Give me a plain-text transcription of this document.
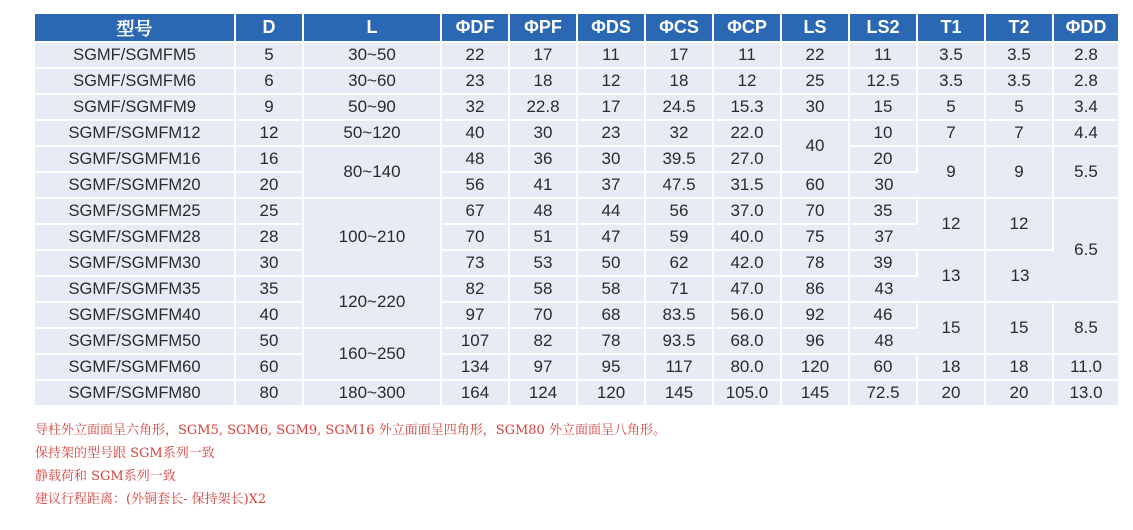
型号	D	L	ΦDF	ΦPF	ΦDS	ΦCS	ΦCP	LS	LS2	T1	T2	ΦDD
SGMF/SGMFM5	5	30~50	22	17	11	17	11	22	11	3.5	3.5	2.8
SGMF/SGMFM6	6	30~60	23	18	12	18	12	25	12.5	3.5	3.5	2.8
SGMF/SGMFM9	9	50~90	32	22.8	17	24.5	15.3	30	15	5	5	3.4
SGMF/SGMFM12	12	50~120	40	30	23	32	22.0	40	10	7	7	4.4
SGMF/SGMFM16	16	80~140	48	36	30	39.5	27.0		20	9	9	5.5
SGMF/SGMFM20	20		56	41	37	47.5	31.5	60	30			
SGMF/SGMFM25	25	100~210	67	48	44	56	37.0	70	35	12	12	6.5
SGMF/SGMFM28	28		70	51	47	59	40.0	75	37			
SGMF/SGMFM30	30		73	53	50	62	42.0	78	39	13	13	
SGMF/SGMFM35	35	120~220	82	58	58	71	47.0	86	43			
SGMF/SGMFM40	40		97	70	68	83.5	56.0	92	46	15	15	8.5
SGMF/SGMFM50	50	160~250	107	82	78	93.5	68.0	96	48			
SGMF/SGMFM60	60		134	97	95	117	80.0	120	60	18	18	11.0
SGMF/SGMFM80	80	180~300	164	124	120	145	105.0	145	72.5	20	20	13.0
导柱外立面面呈六角形，SGM5, SGM6, SGM9, SGM16 外立面面呈四角形，SGM80 外立面面呈八角形。
保持架的型号跟 SGM系列一致
静载荷和 SGM系列一致
建议行程距离：(外铜套长- 保持架长)X2
